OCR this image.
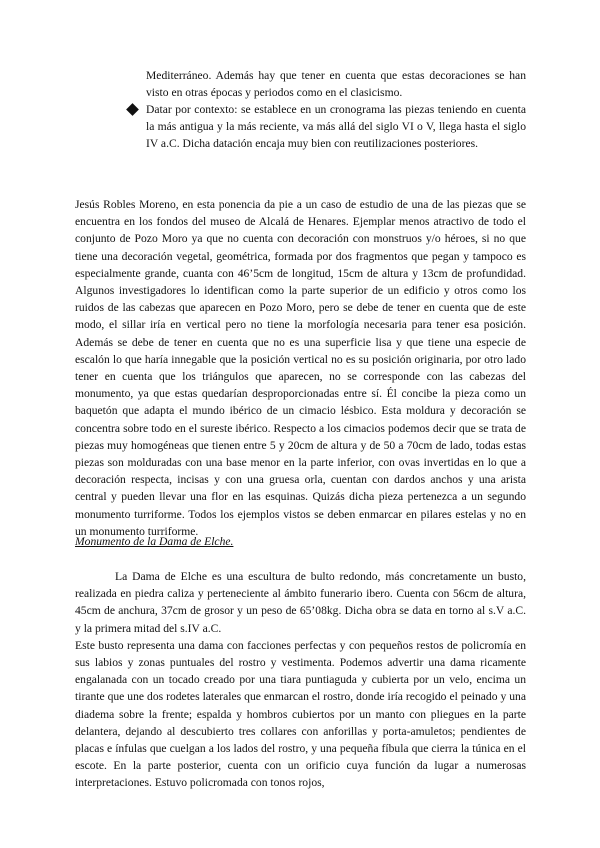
Mediterráneo. Además hay que tener en cuenta que estas decoraciones se han visto en otras épocas y periodos como en el clasicismo.

Datar por contexto: se establece en un cronograma las piezas teniendo en cuenta la más antigua y la más reciente, va más allá del siglo VI o V, llega hasta el siglo IV a.C. Dicha datación encaja muy bien con reutilizaciones posteriores.

Jesús Robles Moreno, en esta ponencia da pie a un caso de estudio de una de las piezas que se encuentra en los fondos del museo de Alcalá de Henares. Ejemplar menos atractivo de todo el conjunto de Pozo Moro ya que no cuenta con decoración con monstruos y/o héroes, si no que tiene una decoración vegetal, geométrica, formada por dos fragmentos que pegan y tampoco es especialmente grande, cuanta con 46’5cm de longitud, 15cm de altura y 13cm de profundidad. Algunos investigadores lo identifican como la parte superior de un edificio y otros como los ruidos de las cabezas que aparecen en Pozo Moro, pero se debe de tener en cuenta que de este modo, el sillar iría en vertical pero no tiene la morfología necesaria para tener esa posición. Además se debe de tener en cuenta que no es una superficie lisa y que tiene una especie de escalón lo que haría innegable que la posición vertical no es su posición originaria, por otro lado tener en cuenta que los triángulos que aparecen, no se corresponde con las cabezas del monumento, ya que estas quedarían desproporcionadas entre sí. Él concibe la pieza como un baquetón que adapta el mundo ibérico de un cimacio lésbico. Esta moldura y decoración se concentra sobre todo en el sureste ibérico. Respecto a los cimacios podemos decir que se trata de piezas muy homogéneas que tienen entre 5 y 20cm de altura y de 50 a 70cm de lado, todas estas piezas son molduradas con una base menor en la parte inferior, con ovas invertidas en lo que a decoración respecta, incisas y con una gruesa orla, cuentan con dardos anchos y una arista central y pueden llevar una flor en las esquinas. Quizás dicha pieza pertenezca a un segundo monumento turriforme. Todos los ejemplos vistos se deben enmarcar en pilares estelas y no en un monumento turriforme.

Monumento de la Dama de Elche.

La Dama de Elche es una escultura de bulto redondo, más concretamente un busto, realizada en piedra caliza y perteneciente al ámbito funerario ibero. Cuenta con 56cm de altura, 45cm de anchura, 37cm de grosor y un peso de 65’08kg. Dicha obra se data en torno al s.V a.C. y la primera mitad del s.IV a.C.

Este busto representa una dama con facciones perfectas y con pequeños restos de policromía en sus labios y zonas puntuales del rostro y vestimenta. Podemos advertir una dama ricamente engalanada con un tocado creado por una tiara puntiaguda y cubierta por un velo, encima un tirante que une dos rodetes laterales que enmarcan el rostro, donde iría recogido el peinado y una diadema sobre la frente; espalda y hombros cubiertos por un manto con pliegues en la parte delantera, dejando al descubierto tres collares con anforillas y porta-amuletos; pendientes de placas e ínfulas que cuelgan a los lados del rostro, y una pequeña fíbula que cierra la túnica en el escote. En la parte posterior, cuenta con un orificio cuya función da lugar a numerosas interpretaciones. Estuvo policromada con tonos rojos,
